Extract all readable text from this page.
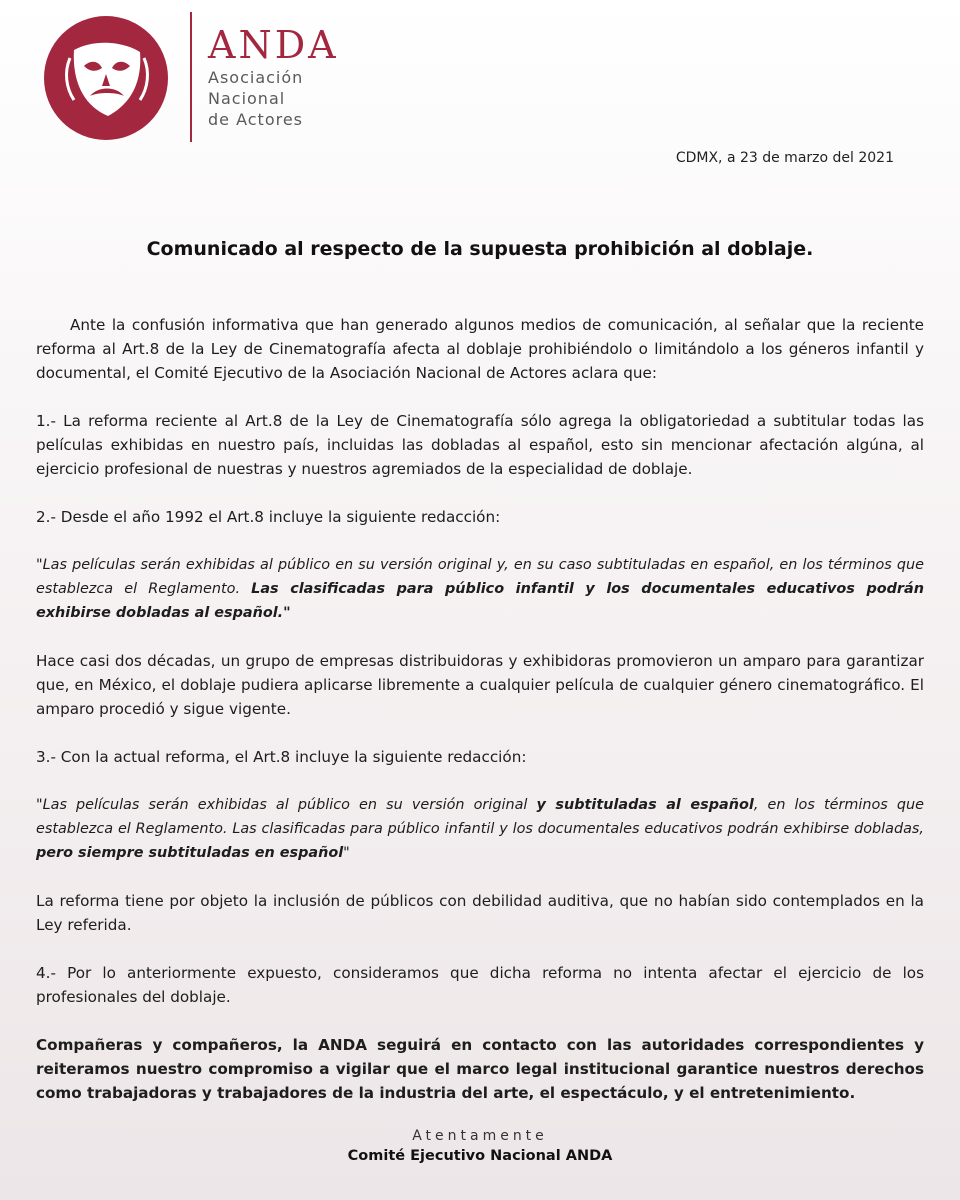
ANDA
Asociación
Nacional
de Actores
CDMX, a 23 de marzo del 2021
Comunicado al respecto de la supuesta prohibición al doblaje.

Ante la confusión informativa que han generado algunos medios de comunicación, al señalar que la reciente reforma al Art.8 de la Ley de Cinematografía afecta al doblaje prohibiéndolo o limitándolo a los géneros infantil y documental, el Comité Ejecutivo de la Asociación Nacional de Actores aclara que:

1.- La reforma reciente al Art.8 de la Ley de Cinematografía sólo agrega la obligatoriedad a subtitular todas las películas exhibidas en nuestro país, incluidas las dobladas al español, esto sin mencionar afectación algúna, al ejercicio profesional de nuestras y nuestros agremiados de la especialidad de doblaje.

2.- Desde el año 1992 el Art.8 incluye la siguiente redacción:

"Las películas serán exhibidas al público en su versión original y, en su caso subtituladas en español, en los términos que establezca el Reglamento. Las clasificadas para público infantil y los documentales educativos podrán exhibirse dobladas al español."

Hace casi dos décadas, un grupo de empresas distribuidoras y exhibidoras promovieron un amparo para garantizar que, en México, el doblaje pudiera aplicarse libremente a cualquier película de cualquier género cinematográfico. El amparo procedió y sigue vigente.

3.- Con la actual reforma, el Art.8 incluye la siguiente redacción:

"Las películas serán exhibidas al público en su versión original y subtituladas al español, en los términos que establezca el Reglamento. Las clasificadas para público infantil y los documentales educativos podrán exhibirse dobladas, pero siempre subtituladas en español"

La reforma tiene por objeto la inclusión de públicos con debilidad auditiva, que no habían sido contemplados en la Ley referida.

4.- Por lo anteriormente expuesto, consideramos que dicha reforma no intenta afectar el ejercicio de los profesionales del doblaje.

Compañeras y compañeros, la ANDA seguirá en contacto con las autoridades correspondientes y reiteramos nuestro compromiso a vigilar que el marco legal institucional garantice nuestros derechos como trabajadoras y trabajadores de la industria del arte, el espectáculo, y el entretenimiento.

Atentamente
Comité Ejecutivo Nacional ANDA
